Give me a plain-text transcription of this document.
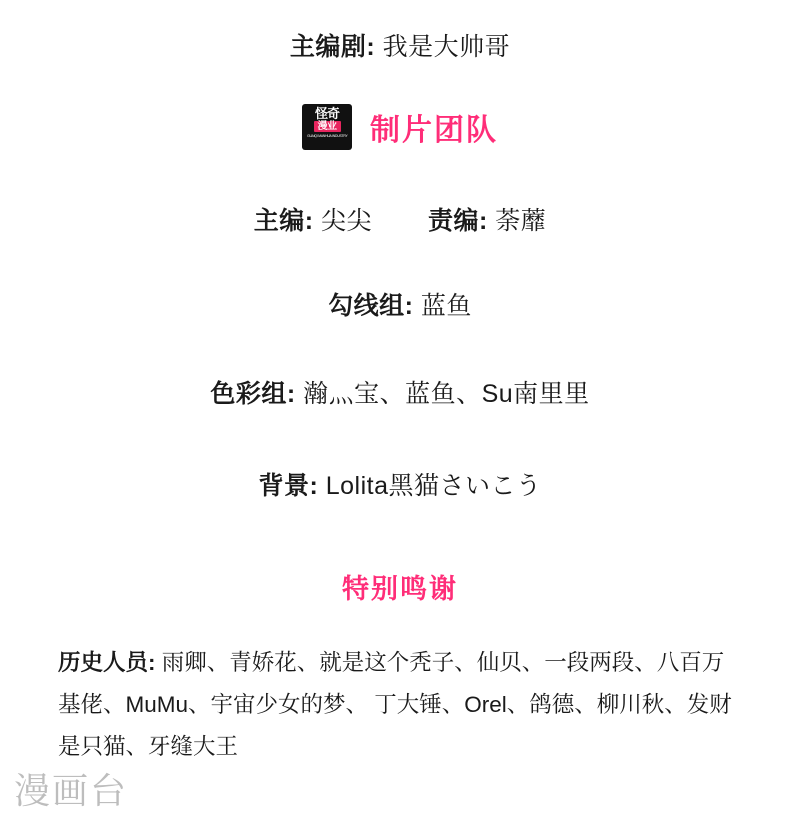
主编剧: 我是大帅哥
怪奇
漫业
GUAIQI MANHUA INDUSTRY 制片团队
主编: 尖尖 责编: 荼蘼
勾线组: 蓝鱼
色彩组: 瀚灬宝、蓝鱼、Su南里里
背景: Lolita黑猫さいこう
特别鸣谢
历史人员: 雨卿、青娇花、就是这个秃子、仙贝、一段两段、八百万基佬、MuMu、宇宙少女的梦、 丁大锤、Orel、鸽德、柳川秋、发财是只猫、牙缝大王
漫画台
